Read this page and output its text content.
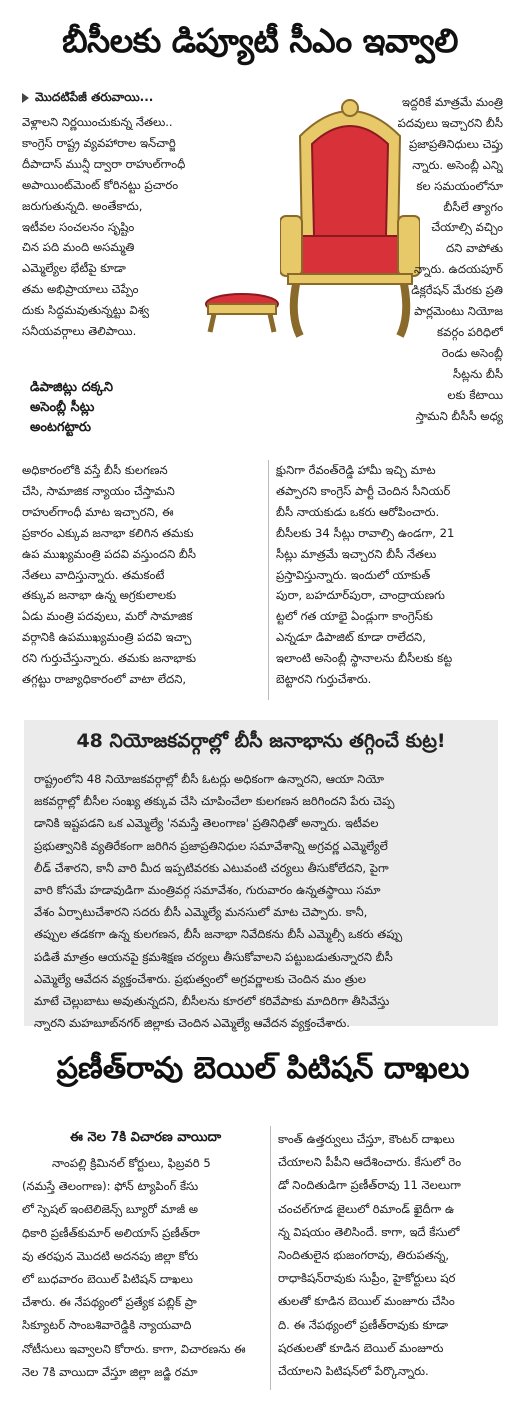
బీసీలకు డిప్యూటీ సీఎం ఇవ్వాలి
మొదటిపేజీ తరువాయి...
వెళ్లాలని నిర్ణయించుకున్న నేతలు..
కాంగ్రెస్ రాష్ట్ర వ్యవహారాల ఇన్‌చార్జి
దీపాదాస్ మున్షీ ద్వారా రాహుల్‌గాంధీ
అపాయింట్‌మెంట్ కోరినట్టు ప్రచారం
జరుగుతున్నది. అంతేకాదు,
ఇటీవల సంచలనం సృష్టిం
చిన పది మంది అసమ్మతి
ఎమ్మెల్యేల భేటీపై కూడా
తమ అభిప్రాయాలు చెప్పేం
దుకు సిద్ధమవుతున్నట్టు విశ్వ
సనీయవర్గాలు తెలిపాయి.
డిపాజిట్లు దక్కని
అసెంబ్లీ సీట్లు
అంటగట్టారు
ఇద్దరికే మాత్రమే మంత్రి
పదవులు ఇచ్చారని బీసీ
ప్రజాప్రతినిధులు చెప్తు
న్నారు. అసెంబ్లీ ఎన్ని
కల సమయంలోనూ
బీసీలే త్యాగం
చేయాల్సి వచ్చిం
దని వాపోతు
న్నారు. ఉదయపూర్
డిక్లరేషన్ మేరకు ప్రతి
పార్లమెంటు నియోజ
కవర్గం పరిధిలో
రెండు అసెంబ్లీ
సీట్లను బీసీ
లకు కేటాయి
స్తామని బీసీసీ అధ్య
అధికారంలోకి వస్తే బీసీ కులగణన
చేసి, సామాజిక న్యాయం చేస్తామని
రాహుల్‌గాంధీ మాట ఇచ్చారని, ఈ
ప్రకారం ఎక్కువ జనాభా కలిగిన తమకు
ఉప ముఖ్యమంత్రి పదవి వస్తుందని బీసీ
నేతలు వాదిస్తున్నారు. తమకంటే
తక్కువ జనాభా ఉన్న అగ్రకులాలకు
ఏడు మంత్రి పదవులు, మరో సామాజిక
వర్గానికి ఉపముఖ్యమంత్రి పదవి ఇచ్చా
రని గుర్తుచేస్తున్నారు. తమకు జనాభాకు
తగ్గట్టు రాజ్యాధికారంలో వాటా లేదని,
క్షునిగా రేవంత్‌రెడ్డి హామీ ఇచ్చి మాట
తప్పారని కాంగ్రెస్ పార్టీ చెందిన సీనియర్
బీసీ నాయకుడు ఒకరు ఆరోపించారు.
బీసీలకు 34 సీట్లు రావాల్సి ఉండగా, 21
సీట్లు మాత్రమే ఇచ్చారని బీసీ నేతలు
ప్రస్తావిస్తున్నారు. ఇందులో యాకుత్
పురా, బహదూర్‌పురా, చాంద్రాయణగు
ట్టలో గత యాభై ఏండ్లుగా కాంగ్రెస్‌కు
ఎన్నడూ డిపాజిట్ కూడా రాలేదని,
ఇలాంటి అసెంబ్లీ స్థానాలను బీసీలకు కట్ట
బెట్టారని గుర్తుచేశారు.
48 నియోజకవర్గాల్లో బీసీ జనాభాను తగ్గించే కుట్ర!
రాష్ట్రంలోని 48 నియోజకవర్గాల్లో బీసీ ఓటర్లు అధికంగా ఉన్నారని, ఆయా నియో
జకవర్గాల్లో బీసీల సంఖ్య తక్కువ చేసి చూపించేలా కులగణన జరిగిందని పేరు చెప్ప
డానికి ఇష్టపడని ఒక ఎమ్మెల్యే 'నమస్తే తెలంగాణ' ప్రతినిధితో అన్నారు. ఇటీవల
ప్రభుత్వానికి వ్యతిరేకంగా జరిగిన ప్రజాప్రతినిధుల సమావేశాన్ని అగ్రవర్ణ ఎమ్మెల్యేలే
లీడ్ చేశారని, కానీ వారి మీద ఇప్పటివరకు ఎటువంటి చర్యలు తీసుకోలేదని, పైగా
వారి కోసమే హడావుడిగా మంత్రివర్గ సమావేశం, గురువారం ఉన్నతస్థాయి సమా
వేశం ఏర్పాటుచేశారని సదరు బీసీ ఎమ్మెల్యే మనసులో మాట చెప్పారు. కానీ,
తప్పుల తడకగా ఉన్న కులగణన, బీసీ జనాభా నివేదికను బీసీ ఎమ్మెల్సీ ఒకరు తప్పు
పడితే మాత్రం ఆయనపై క్రమశిక్షణ చర్యలు తీసుకోవాలని పట్టుబడుతున్నారని బీసీ
ఎమ్మెల్యే ఆవేదన వ్యక్తంచేశారు. ప్రభుత్వంలో అగ్రవర్ణాలకు చెందిన మం త్రుల
మాటే చెల్లుబాటు అవుతున్నదని, బీసీలను కూరలో కరివేపాకు మాదిరిగా తీసివేస్తు
న్నారని మహబూబ్‌నగర్ జిల్లాకు చెందిన ఎమ్మెల్యే ఆవేదన వ్యక్తంచేశారు.
ప్రణీత్‌రావు బెయిల్ పిటిషన్ దాఖలు
ఈ నెల 7కి విచారణ వాయిదా
నాంపల్లి క్రిమినల్ కోర్టులు, ఫిబ్రవరి 5
(నమస్తే తెలంగాణ): ఫోన్ ట్యాపింగ్ కేసు
లో స్పెషల్ ఇంటెలిజెన్స్ బ్యూరో మాజీ అ
ధికారి ప్రణీత్‌కుమార్ అలియాస్ ప్రణీత్‌రా
వు తరఫున మొదటి అదనపు జిల్లా కోరు
లో బుధవారం బెయిల్ పిటిషన్ దాఖలు
చేశారు. ఈ నేపథ్యంలో ప్రత్యేక పబ్లిక్ ప్రా
సిక్యూటర్ సాంబశివారెడ్డికి న్యాయవాది
నోటీసులు ఇవ్వాలని కోరారు. కాగా, విచారణను ఈ
నెల 7కి వాయిదా వేస్తూ జిల్లా జడ్జి రమా
కాంత్ ఉత్తర్వులు చేస్తూ, కౌంటర్ దాఖలు
చేయాలని పీపీని ఆదేశించారు. కేసులో రెం
డో నిందితుడిగా ప్రణీత్‌రావు 11 నెలలుగా
చంచల్‌గూడ జైలులో రిమాండ్ ఖైదీగా ఉ
న్న విషయం తెలిసిందే. కాగా, ఇదే కేసులో
నిందితులైన భుజంగరావు, తిరుపతన్న,
రాధాకిషన్‌రావుకు సుప్రీం, హైకోర్టులు షర
తులతో కూడిన బెయిల్ మంజూరు చేసిం
ది. ఈ నేపథ్యంలో ప్రణీత్‌రావుకు కూడా
షరతులతో కూడిన బెయిల్ మంజూరు
చేయాలని పిటిషన్‌లో పేర్కొన్నారు.
